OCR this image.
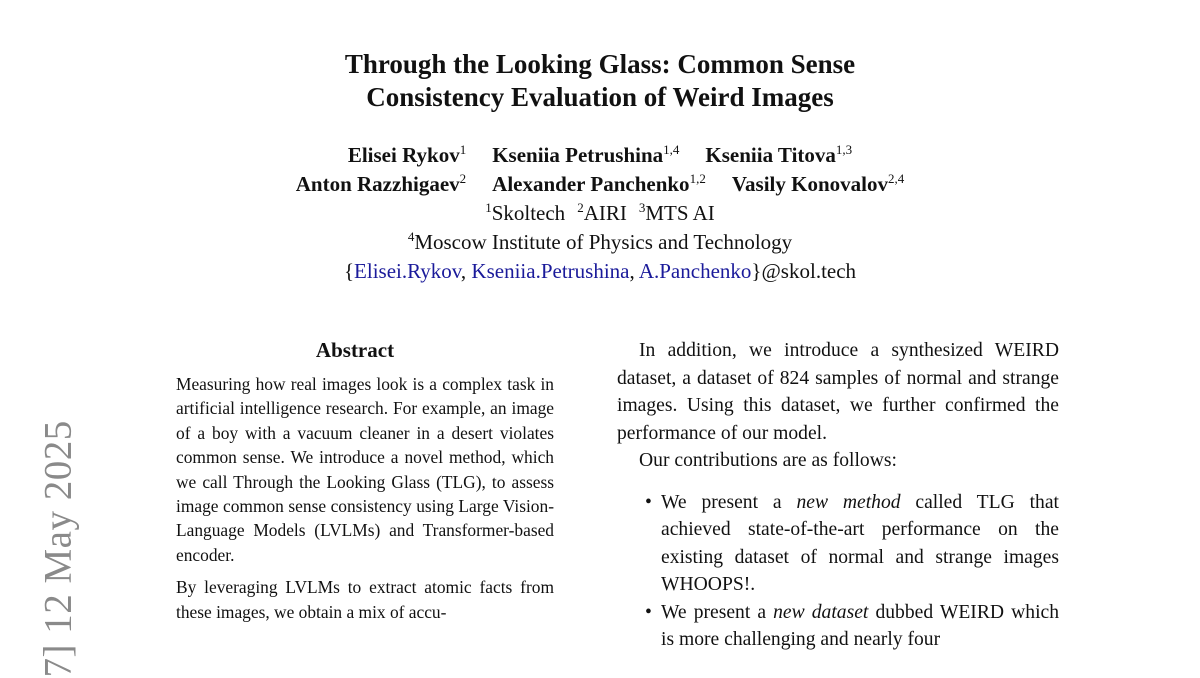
7] 12 May 2025
Through the Looking Glass: Common Sense
Consistency Evaluation of Weird Images
Elisei Rykov$^1$ Kseniia Petrushina$^{1,4}$ Kseniia Titova$^{1,3}$
Anton Razzhigaev$^2$ Alexander Panchenko$^{1,2}$ Vasily Konovalov$^{2,4}$
$^1$Skoltech $^2$AIRI $^3$MTS AI
$^4$Moscow Institute of Physics and Technology
{Elisei.Rykov, Kseniia.Petrushina, A.Panchenko}@skol.tech
Abstract

Measuring how real images look is a complex task in artificial intelligence research. For example, an image of a boy with a vacuum cleaner in a desert violates common sense. We introduce a novel method, which we call Through the Looking Glass (TLG), to assess image common sense consistency using Large Vision-Language Models (LVLMs) and Transformer-based encoder.

By leveraging LVLMs to extract atomic facts from these images, we obtain a mix of accu-

In addition, we introduce a synthesized WEIRD dataset, a dataset of 824 samples of normal and strange images. Using this dataset, we further confirmed the performance of our model.

Our contributions are as follows:

• We present a new method called TLG that achieved state-of-the-art performance on the existing dataset of normal and strange images WHOOPS!.
• We present a new dataset dubbed WEIRD which is more challenging and nearly four
